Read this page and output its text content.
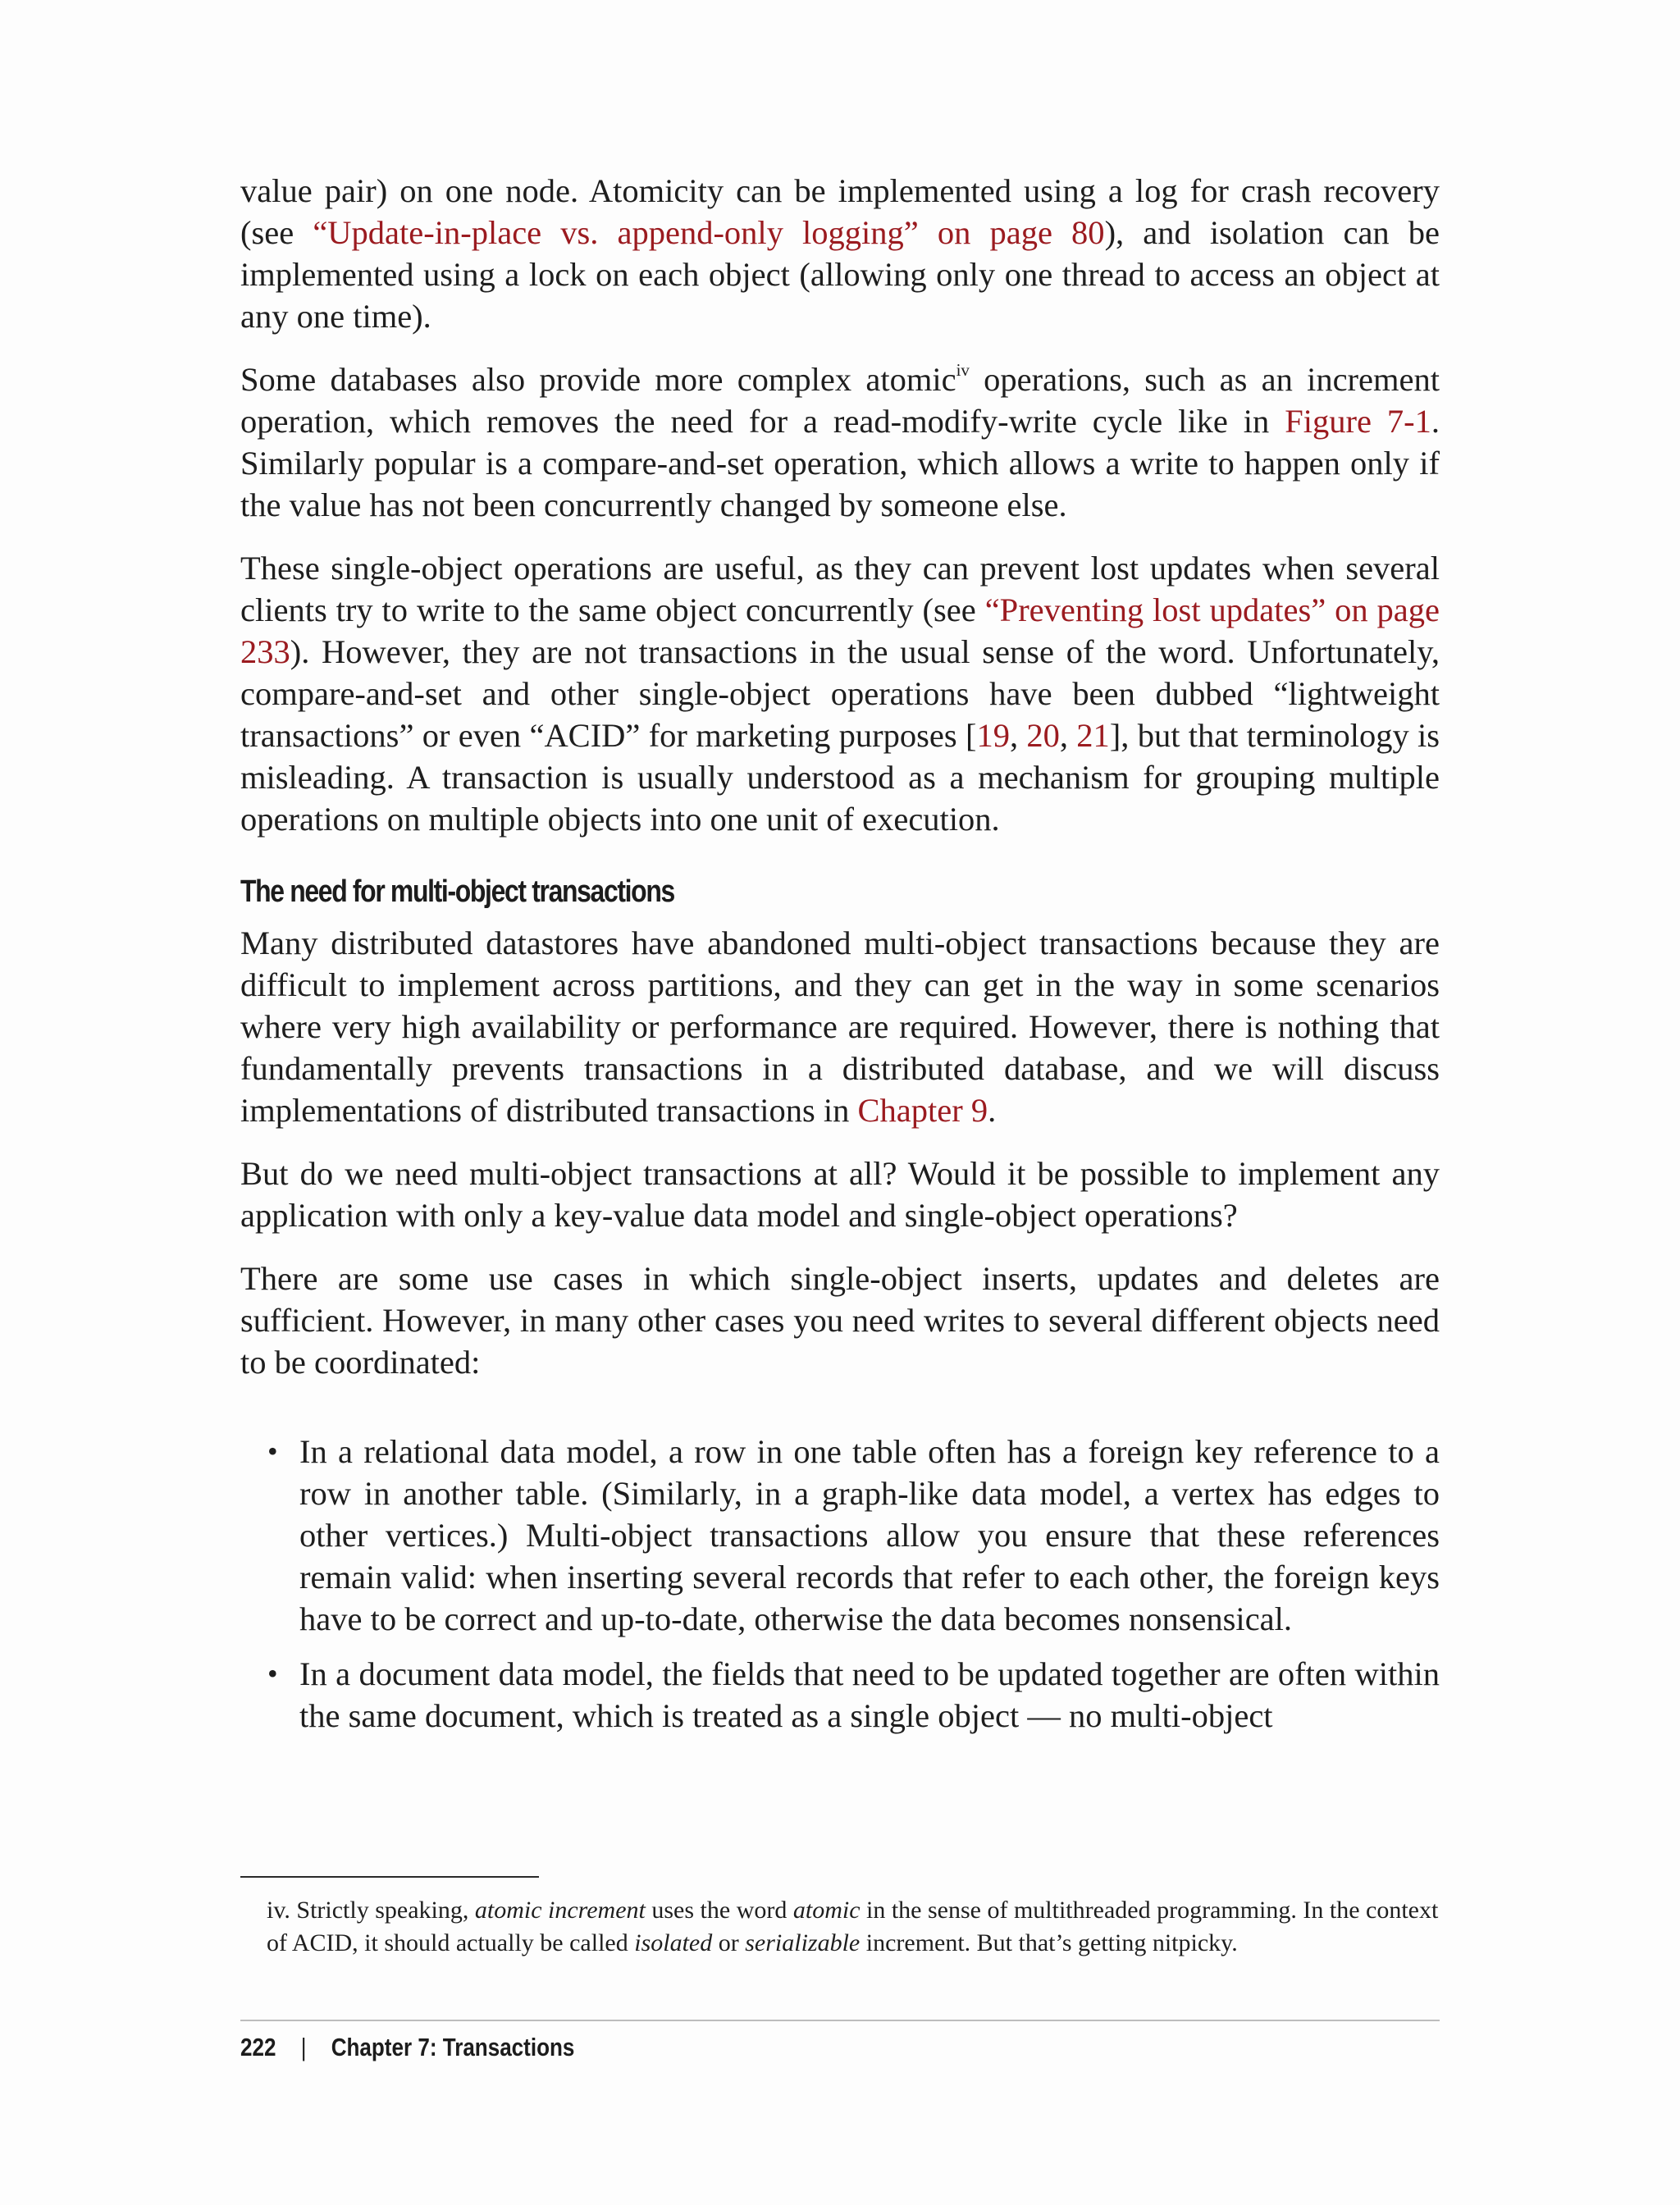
value pair) on one node. Atomicity can be implemented using a log for crash recovery (see “Update-in-place vs. append-only logging” on page 80), and isolation can be implemented using a lock on each object (allowing only one thread to access an object at any one time).

Some databases also provide more complex atomic$^{iv}$ operations, such as an increment operation, which removes the need for a read-modify-write cycle like in Figure 7-1. Similarly popular is a compare-and-set operation, which allows a write to happen only if the value has not been concurrently changed by someone else.

These single-object operations are useful, as they can prevent lost updates when several clients try to write to the same object concurrently (see “Preventing lost updates” on page 233). However, they are not transactions in the usual sense of the word. Unfortunately, compare-and-set and other single-object operations have been dubbed “lightweight transactions” or even “ACID” for marketing purposes [19, 20, 21], but that terminology is misleading. A transaction is usually understood as a mechanism for grouping multiple operations on multiple objects into one unit of execution.

The need for multi-object transactions

Many distributed datastores have abandoned multi-object transactions because they are difficult to implement across partitions, and they can get in the way in some scenarios where very high availability or performance are required. However, there is nothing that fundamentally prevents transactions in a distributed database, and we will discuss implementations of distributed transactions in Chapter 9.

But do we need multi-object transactions at all? Would it be possible to implement any application with only a key-value data model and single-object operations?

There are some use cases in which single-object inserts, updates and deletes are sufficient. However, in many other cases you need writes to several different objects need to be coordinated:

• In a relational data model, a row in one table often has a foreign key reference to a row in another table. (Similarly, in a graph-like data model, a vertex has edges to other vertices.) Multi-object transactions allow you ensure that these references remain valid: when inserting several records that refer to each other, the foreign keys have to be correct and up-to-date, otherwise the data becomes nonsensical.
• In a document data model, the fields that need to be updated together are often within the same document, which is treated as a single object — no multi-object
iv. Strictly speaking, atomic increment uses the word atomic in the sense of multithreaded programming. In the context of ACID, it should actually be called isolated or serializable increment. But that’s getting nitpicky.
222 | Chapter 7: Transactions
